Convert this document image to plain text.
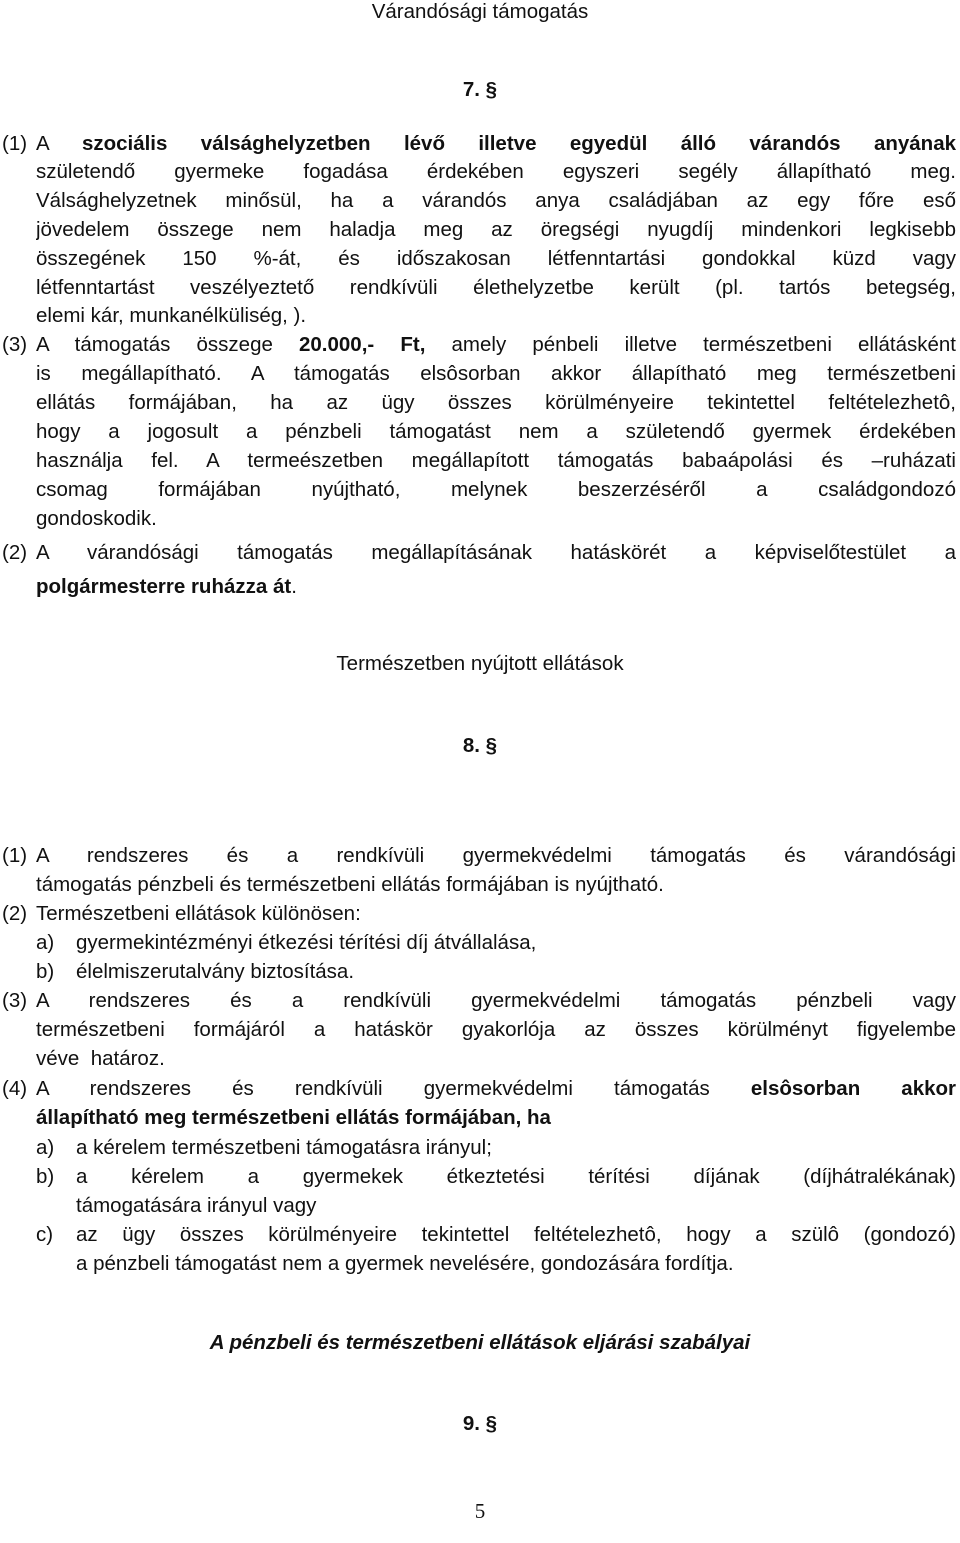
Várandósági támogatás
7. §
(1) A szociális válsághelyzetben lévő illetve egyedül álló várandós anyának
születendő gyermeke fogadása érdekében egyszeri segély állapítható meg.
Válsághelyzetnek minősül, ha a várandós anya családjában az egy főre eső
jövedelem összege nem haladja meg az öregségi nyugdíj mindenkori legkisebb
összegének 150 %-át, és időszakosan létfenntartási gondokkal küzd vagy
létfenntartást veszélyeztető rendkívüli élethelyzetbe került (pl. tartós betegség,
elemi kár, munkanélküliség, ).
(3) A támogatás összege 20.000,- Ft, amely pénbeli illetve természetbeni ellátásként
is megállapítható. A támogatás elsôsorban akkor állapítható meg természetbeni
ellátás formájában, ha az ügy összes körülményeire tekintettel feltételezhetô,
hogy a jogosult a pénzbeli támogatást nem a születendő gyermek érdekében
használja fel. A termeészetben megállapított támogatás babaápolási és –ruházati
csomag formájában nyújtható, melynek beszerzéséről a családgondozó
gondoskodik.
(2) A várandósági támogatás megállapításának hatáskörét a képviselőtestület a
polgármesterre ruházza át.
Természetben nyújtott ellátások
8. §
(1) A rendszeres és a rendkívüli gyermekvédelmi támogatás és várandósági
támogatás pénzbeli és természetbeni ellátás formájában is nyújtható.
(2) Természetbeni ellátások különösen:
a) gyermekintézményi étkezési térítési díj átvállalása,
b) élelmiszerutalvány biztosítása.
(3) A rendszeres és a rendkívüli gyermekvédelmi támogatás pénzbeli vagy
természetbeni formájáról a hatáskör gyakorlója az összes körülményt figyelembe
véve  határoz.
(4) A rendszeres és rendkívüli gyermekvédelmi támogatás elsôsorban akkor
állapítható meg természetbeni ellátás formájában, ha
a) a kérelem természetbeni támogatásra irányul;
b) a kérelem a gyermekek étkeztetési térítési díjának (díjhátralékának)
támogatására irányul vagy
c) az ügy összes körülményeire tekintettel feltételezhetô, hogy a szülô (gondozó)
a pénzbeli támogatást nem a gyermek nevelésére, gondozására fordítja.
A pénzbeli és természetbeni ellátások eljárási szabályai
9. §
5
